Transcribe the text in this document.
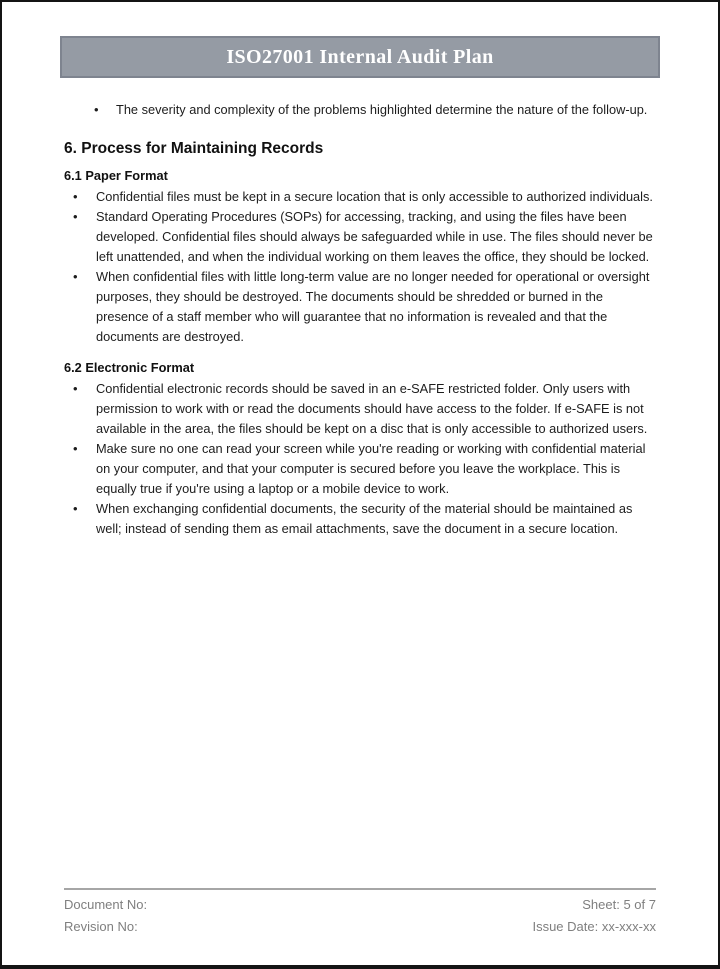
ISO27001 Internal Audit Plan
• The severity and complexity of the problems highlighted determine the nature of the follow-up.
6. Process for Maintaining Records
6.1 Paper Format
• Confidential files must be kept in a secure location that is only accessible to authorized individuals.
• Standard Operating Procedures (SOPs) for accessing, tracking, and using the files have been developed. Confidential files should always be safeguarded while in use. The files should never be left unattended, and when the individual working on them leaves the office, they should be locked.
• When confidential files with little long-term value are no longer needed for operational or oversight purposes, they should be destroyed. The documents should be shredded or burned in the presence of a staff member who will guarantee that no information is revealed and that the documents are destroyed.
6.2 Electronic Format
• Confidential electronic records should be saved in an e-SAFE restricted folder. Only users with permission to work with or read the documents should have access to the folder. If e-SAFE is not available in the area, the files should be kept on a disc that is only accessible to authorized users.
• Make sure no one can read your screen while you're reading or working with confidential material on your computer, and that your computer is secured before you leave the workplace. This is equally true if you're using a laptop or a mobile device to work.
• When exchanging confidential documents, the security of the material should be maintained as well; instead of sending them as email attachments, save the document in a secure location.
Document No:	Sheet: 5 of 7
Revision No:	Issue Date: xx-xxx-xx
